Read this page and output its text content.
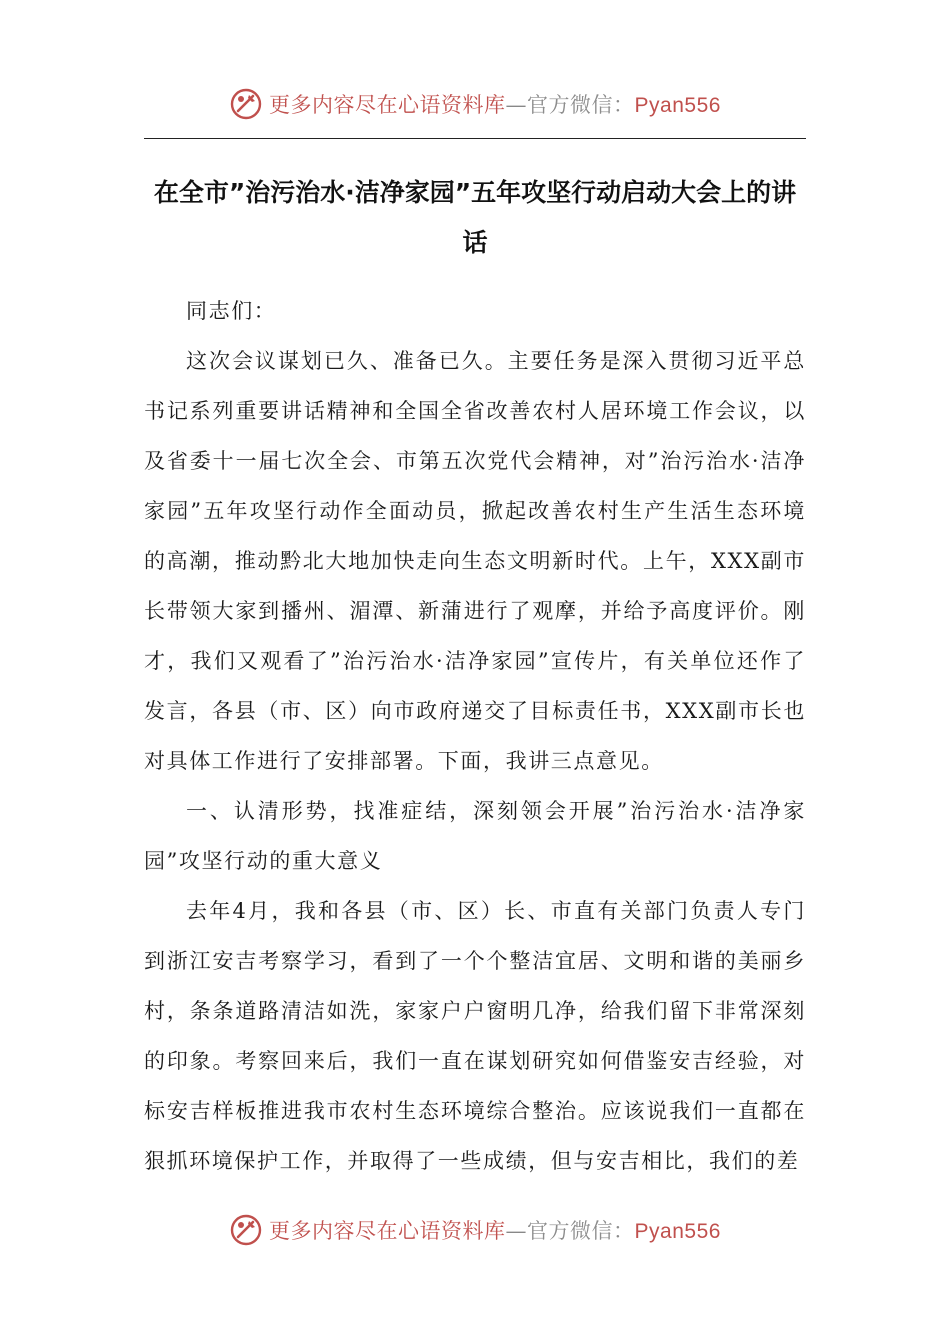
更多内容尽在心语资料库—官方微信：Pyan556
在全市”治污治水·洁净家园”五年攻坚行动启动大会上的讲话

同志们：

这次会议谋划已久、准备已久。主要任务是深入贯彻习近平总书记系列重要讲话精神和全国全省改善农村人居环境工作会议，以及省委十一届七次全会、市第五次党代会精神，对”治污治水·洁净家园”五年攻坚行动作全面动员，掀起改善农村生产生活生态环境的高潮，推动黔北大地加快走向生态文明新时代。上午，XXX副市长带领大家到播州、湄潭、新蒲进行了观摩，并给予高度评价。刚才，我们又观看了”治污治水·洁净家园”宣传片，有关单位还作了发言，各县（市、区）向市政府递交了目标责任书，XXX副市长也对具体工作进行了安排部署。下面，我讲三点意见。

一、认清形势，找准症结，深刻领会开展”治污治水·洁净家园”攻坚行动的重大意义

去年4月，我和各县（市、区）长、市直有关部门负责人专门到浙江安吉考察学习，看到了一个个整洁宜居、文明和谐的美丽乡村，条条道路清洁如洗，家家户户窗明几净，给我们留下非常深刻的印象。考察回来后，我们一直在谋划研究如何借鉴安吉经验，对标安吉样板推进我市农村生态环境综合整治。应该说我们一直都在狠抓环境保护工作，并取得了一些成绩，但与安吉相比，我们的差

更多内容尽在心语资料库—官方微信：Pyan556
